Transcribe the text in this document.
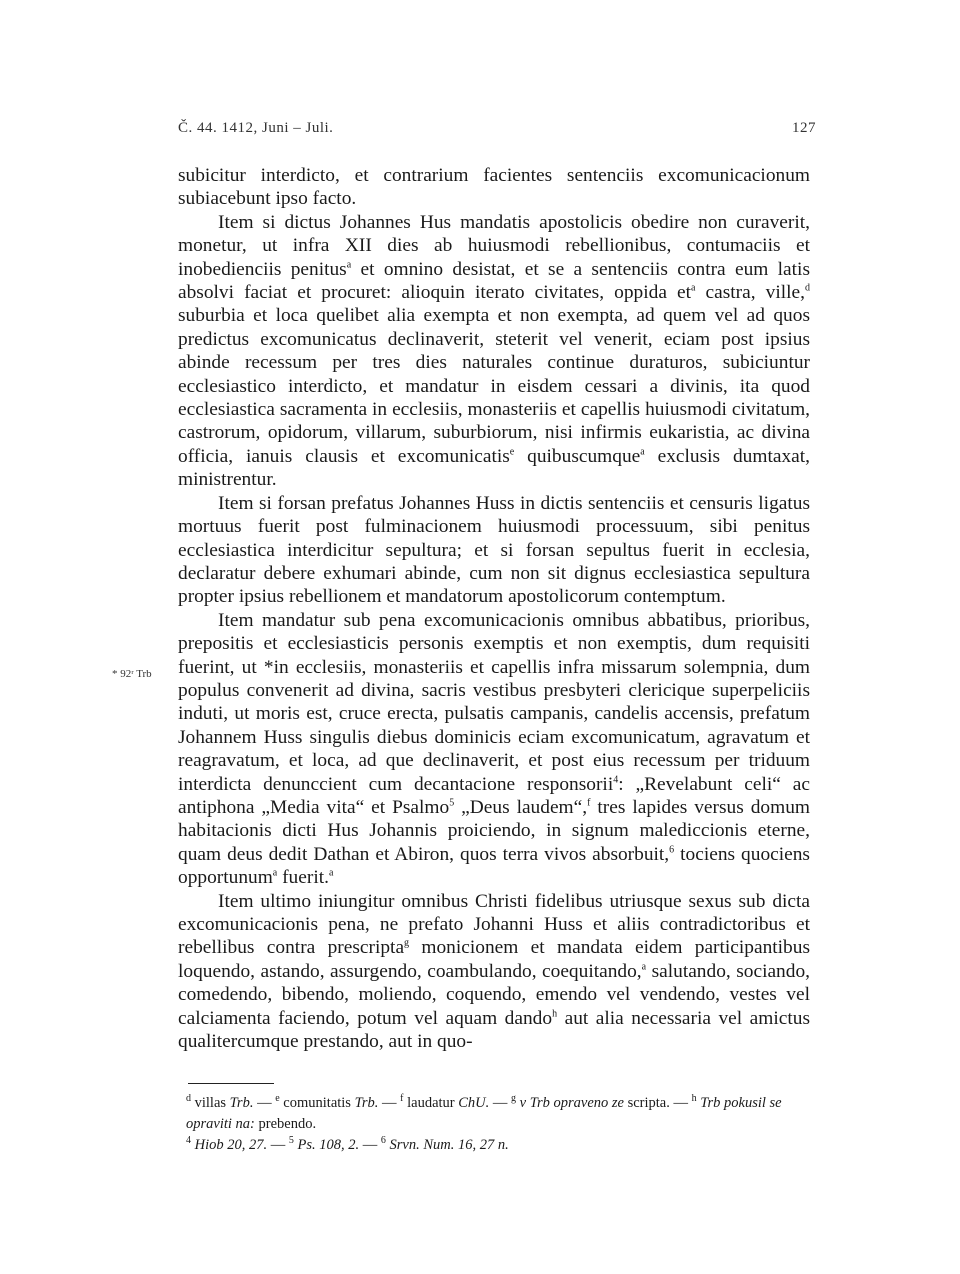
Č. 44. 1412, Juni – Juli.	127
* 92ʳ Trb

subicitur interdicto, et contrarium facientes sentenciis excomunicacionum subiacebunt ipso facto.

Item si dictus Johannes Hus mandatis apostolicis obedire non curaverit, monetur, ut infra XII dies ab huiusmodi rebellionibus, contumaciis et inobedienciis penitus$^a$ et omnino desistat, et se a sentenciis contra eum latis absolvi faciat et procuret: alioquin iterato civitates, oppida $et^a$ castra, ville,$^d$ suburbia et loca quelibet alia exempta et non exempta, ad quem vel ad quos predictus excomunicatus declinaverit, steterit vel venerit, eciam post ipsius abinde recessum per tres dies naturales continue duraturos, subiciuntur ecclesiastico interdicto, et mandatur in eisdem cessari a divinis, ita quod ecclesiastica sacramenta in ecclesiis, monasteriis et capellis huiusmodi civitatum, castrorum, opidorum, villarum, suburbiorum, nisi infirmis eukaristia, ac divina officia, ianuis clausis et excomunicatis$^e$ quibuscumque$^a$ exclusis dumtaxat, ministrentur.

Item si forsan prefatus Johannes Huss in dictis sentenciis et censuris ligatus mortuus fuerit post fulminacionem huiusmodi processuum, sibi penitus ecclesiastica interdicitur sepultura; et si forsan sepultus fuerit in ecclesia, declaratur debere exhumari abinde, cum non sit dignus ecclesiastica sepultura propter ipsius rebellionem et mandatorum apostolicorum contemptum.

Item mandatur sub pena excomunicacionis omnibus abbatibus, prioribus, prepositis et ecclesiasticis personis exemptis et non exemptis, dum requisiti fuerint, ut *in ecclesiis, monasteriis et capellis infra missarum solempnia, dum populus convenerit ad divina, sacris vestibus presbyteri clericique superpeliciis induti, ut moris est, cruce erecta, pulsatis campanis, candelis accensis, prefatum Johannem Huss singulis diebus dominicis eciam excomunicatum, agravatum et reagravatum, et loca, ad que declinaverit, et post eius recessum per triduum interdicta denunccient cum decantacione responsorii$^4$: „Revelabunt celi“ ac antiphona „Media vita“ et Psalmo$^5$ „Deus laudem“,$^f$ tres lapides versus domum habitacionis dicti Hus Johannis proiciendo, in signum malediccionis eterne, quam deus dedit Dathan et Abiron, quos terra vivos absorbuit,$^6$ tociens quociens opportunum$^a$ fuerit.$^a$

Item ultimo iniungitur omnibus Christi fidelibus utriusque sexus sub dicta excomunicacionis pena, ne prefato Johanni Huss et aliis contradictoribus et rebellibus contra prescripta$^g$ monicionem et mandata eidem participantibus loquendo, astando, assurgendo, coambulando, coequitando,$^a$ salutando, sociando, comedendo, bibendo, moliendo, coquendo, emendo vel vendendo, vestes vel calciamenta faciendo, potum vel aquam dando$^h$ aut alia necessaria vel amictus qualitercumque prestando, aut in quo-

$^d$ villas Trb. — $^e$ comunitatis Trb. — $^f$ laudatur ChU. — $^g$ v Trb opraveno ze scripta. — $^h$ Trb pokusil se opraviti na: prebendo.

$^4$ Hiob 20, 27. — $^5$ Ps. 108, 2. — $^6$ Srvn. Num. 16, 27 n.
